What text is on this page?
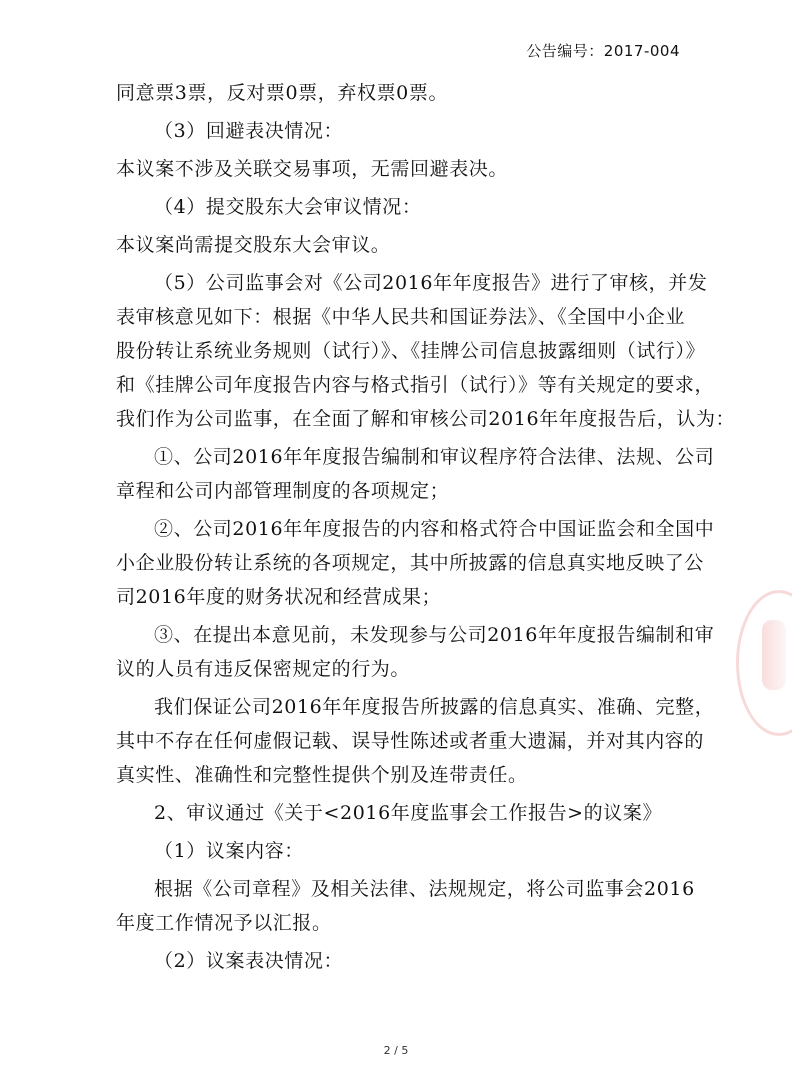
公告编号：2017-004
同意票3票，反对票0票，弃权票0票。
（3）回避表决情况：
本议案不涉及关联交易事项，无需回避表决。
（4）提交股东大会审议情况：
本议案尚需提交股东大会审议。
（5）公司监事会对《公司2016年年度报告》进行了审核，并发
表审核意见如下：根据《中华人民共和国证券法》、《全国中小企业
股份转让系统业务规则（试行）》、《挂牌公司信息披露细则（试行）》
和《挂牌公司年度报告内容与格式指引（试行）》等有关规定的要求，
我们作为公司监事，在全面了解和审核公司2016年年度报告后，认为：
①、公司2016年年度报告编制和审议程序符合法律、法规、公司
章程和公司内部管理制度的各项规定；
②、公司2016年年度报告的内容和格式符合中国证监会和全国中
小企业股份转让系统的各项规定，其中所披露的信息真实地反映了公
司2016年度的财务状况和经营成果；
③、在提出本意见前，未发现参与公司2016年年度报告编制和审
议的人员有违反保密规定的行为。
我们保证公司2016年年度报告所披露的信息真实、准确、完整，
其中不存在任何虚假记载、误导性陈述或者重大遗漏，并对其内容的
真实性、准确性和完整性提供个别及连带责任。
2、审议通过《关于<2016年度监事会工作报告>的议案》
（1）议案内容：
根据《公司章程》及相关法律、法规规定，将公司监事会2016
年度工作情况予以汇报。
（2）议案表决情况：
2 / 5
